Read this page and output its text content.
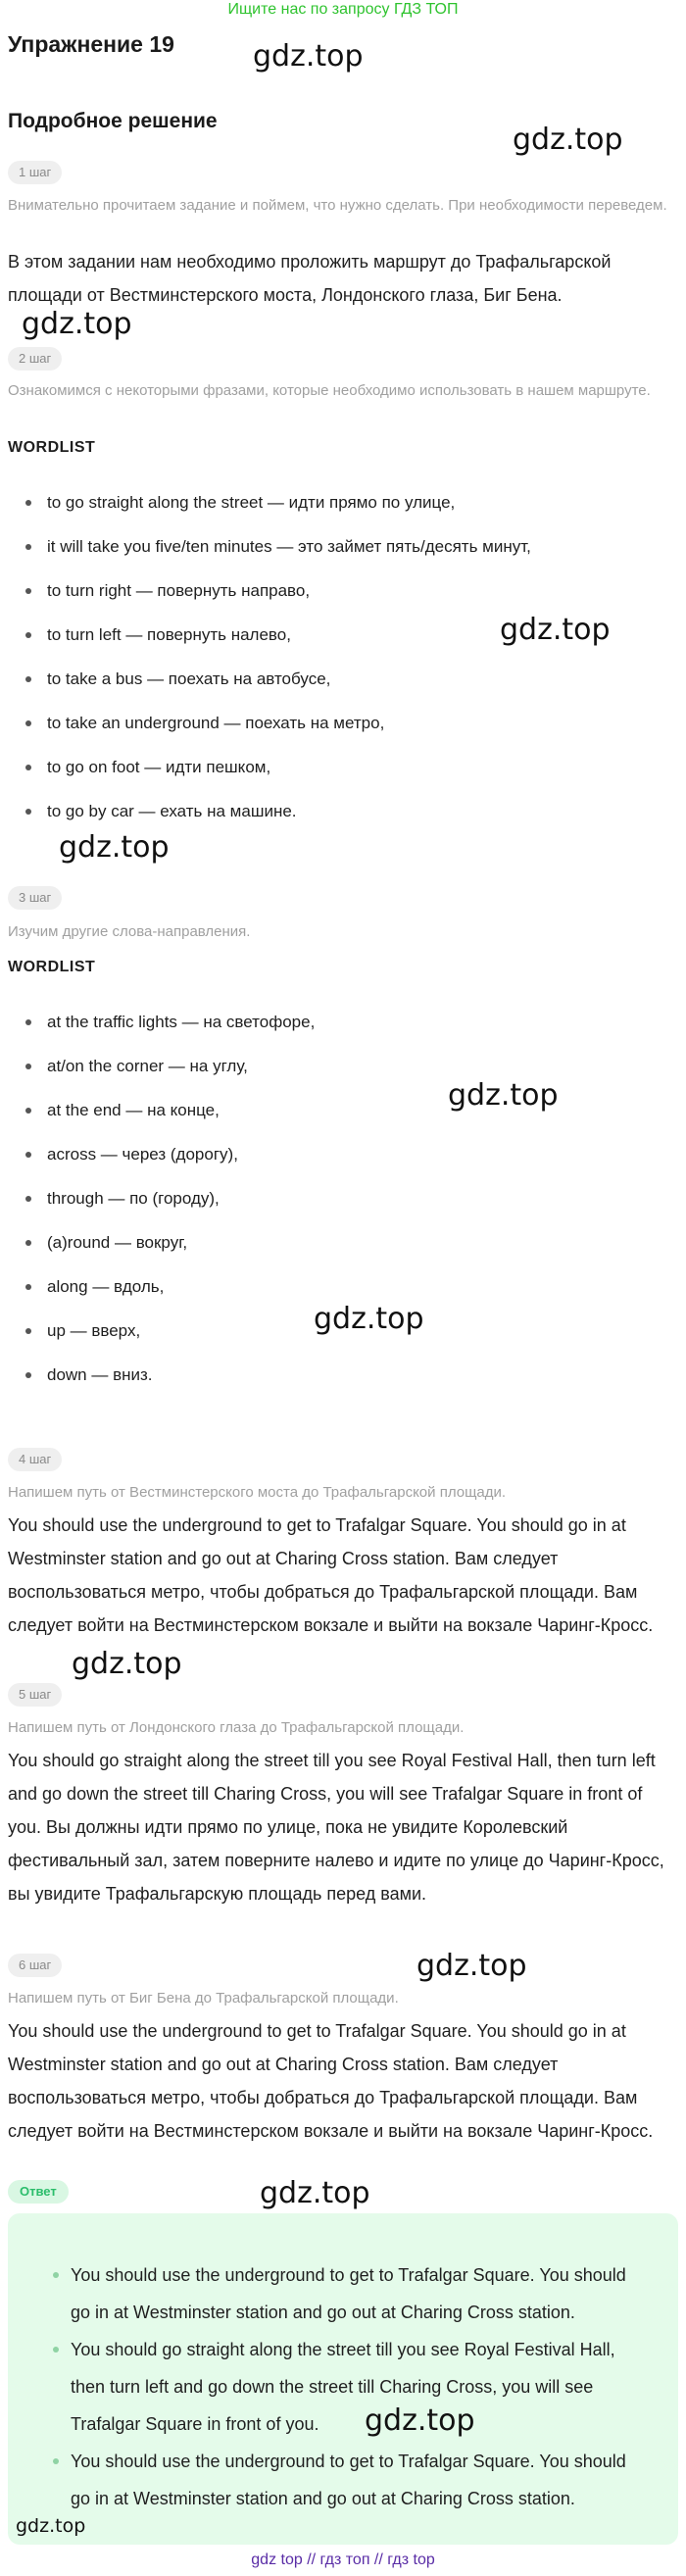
Ищите нас по запросу ГДЗ ТОП
Упражнение 19
Подробное решение
1 шаг
Внимательно прочитаем задание и поймем, что нужно сделать. При необходимости переведем.
В этом задании нам необходимо проложить маршрут до Трафальгарской площади от Вестминстерского моста, Лондонского глаза, Биг Бена.
2 шаг
Ознакомимся с некоторыми фразами, которые необходимо использовать в нашем маршруте.
WORDLIST
to go straight along the street — идти прямо по улице,
it will take you five/ten minutes — это займет пять/десять минут,
to turn right — повернуть направо,
to turn left — повернуть налево,
to take a bus — поехать на автобусе,
to take an underground — поехать на метро,
to go on foot — идти пешком,
to go by car — ехать на машине.
3 шаг
Изучим другие слова-направления.
WORDLIST
at the traffic lights — на светофоре,
at/on the corner — на углу,
at the end — на конце,
across — через (дорогу),
through — по (городу),
(a)round — вокруг,
along — вдоль,
up — вверх,
down — вниз.
4 шаг
Напишем путь от Вестминстерского моста до Трафальгарской площади.
You should use the underground to get to Trafalgar Square. You should go in at Westminster station and go out at Charing Cross station. Вам следует воспользоваться метро, чтобы добраться до Трафальгарской площади. Вам следует войти на Вестминстерском вокзале и выйти на вокзале Чаринг-Кросс.
5 шаг
Напишем путь от Лондонского глаза до Трафальгарской площади.
You should go straight along the street till you see Royal Festival Hall, then turn left and go down the street till Charing Cross, you will see Trafalgar Square in front of you. Вы должны идти прямо по улице, пока не увидите Королевский фестивальный зал, затем поверните налево и идите по улице до Чаринг-Кросс, вы увидите Трафальгарскую площадь перед вами.
6 шаг
Напишем путь от Биг Бена до Трафальгарской площади.
You should use the underground to get to Trafalgar Square. You should go in at Westminster station and go out at Charing Cross station. Вам следует воспользоваться метро, чтобы добраться до Трафальгарской площади. Вам следует войти на Вестминстерском вокзале и выйти на вокзале Чаринг-Кросс.
Ответ
You should use the underground to get to Trafalgar Square. You should go in at Westminster station and go out at Charing Cross station.
You should go straight along the street till you see Royal Festival Hall, then turn left and go down the street till Charing Cross, you will see Trafalgar Square in front of you.
You should use the underground to get to Trafalgar Square. You should go in at Westminster station and go out at Charing Cross station.
gdz.top
gdz.top
gdz.top
gdz.top
gdz.top
gdz.top
gdz.top
gdz.top
gdz.top
gdz.top
gdz.top
gdz.top
gdz top // гдз топ // гдз top
